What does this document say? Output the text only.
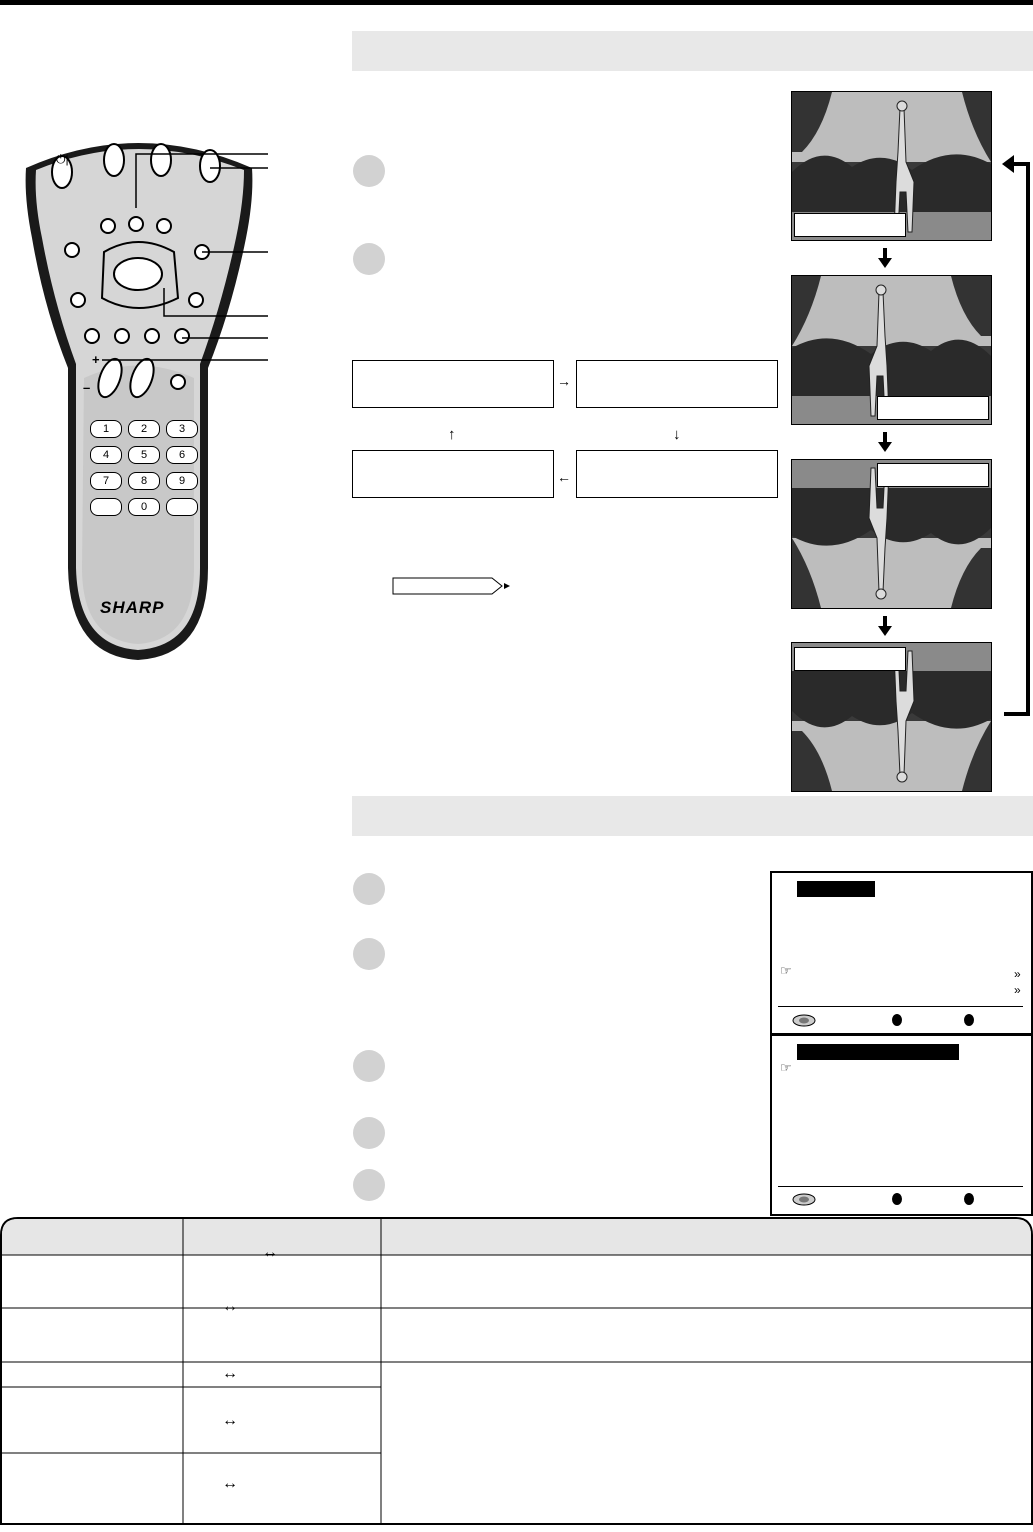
⏻|
+
–
1	2	3
4	5	6
7	8	9
0
SHARP
→
↑	↓
←
☞	»
»
☞
↔
↔
↔
↔
↔
